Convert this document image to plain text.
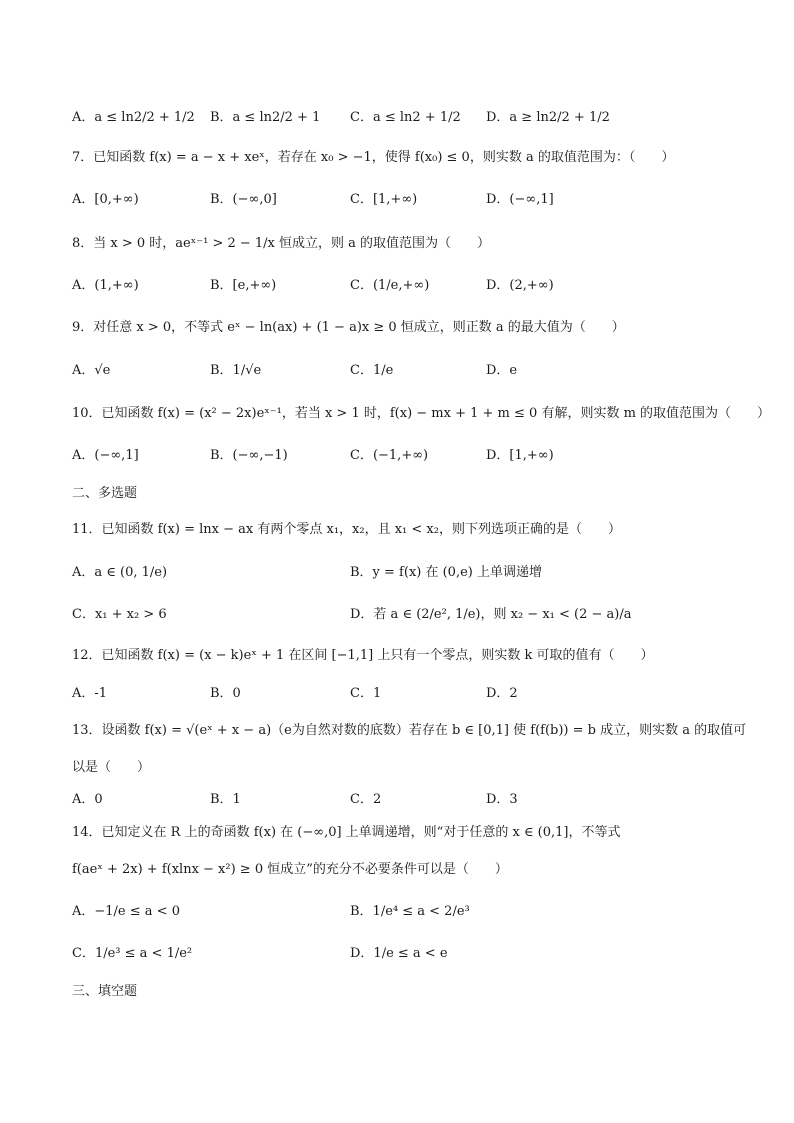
A．a ≤ ln2/2 + 1/2 B．a ≤ ln2/2 + 1 C．a ≤ ln2 + 1/2 D．a ≥ ln2/2 + 1/2
7．已知函数 f(x) = a − x + xeˣ，若存在 x₀ > −1，使得 f(x₀) ≤ 0，则实数 a 的取值范围为：（　　）
A．[0,+∞)	B．(−∞,0]	C．[1,+∞)	D．(−∞,1]
8．当 x > 0 时，aeˣ⁻¹ > 2 − 1/x 恒成立，则 a 的取值范围为（　　）
A．(1,+∞)	B．[e,+∞)	C．(1/e,+∞)	D．(2,+∞)
9．对任意 x > 0，不等式 eˣ − ln(ax) + (1 − a)x ≥ 0 恒成立，则正数 a 的最大值为（　　）
A．√e	B．1/√e	C．1/e	D．e
10．已知函数 f(x) = (x² − 2x)eˣ⁻¹，若当 x > 1 时，f(x) − mx + 1 + m ≤ 0 有解，则实数 m 的取值范围为（　　）
A．(−∞,1]	B．(−∞,−1)	C．(−1,+∞)	D．[1,+∞)
二、多选题
11．已知函数 f(x) = lnx − ax 有两个零点 x₁，x₂，且 x₁ < x₂，则下列选项正确的是（　　）
A．a ∈ (0, 1/e)	B．y = f(x) 在 (0,e) 上单调递增
C．x₁ + x₂ > 6	D．若 a ∈ (2/e², 1/e)，则 x₂ − x₁ < (2 − a)/a
12．已知函数 f(x) = (x − k)eˣ + 1 在区间 [−1,1] 上只有一个零点，则实数 k 可取的值有（　　）
A．-1	B．0	C．1	D．2
13．设函数 f(x) = √(eˣ + x − a)（e为自然对数的底数）若存在 b ∈ [0,1] 使 f(f(b)) = b 成立，则实数 a 的取值可
以是（　　）
A．0	B．1	C．2	D．3
14．已知定义在 R 上的奇函数 f(x) 在 (−∞,0] 上单调递增，则“对于任意的 x ∈ (0,1]，不等式
f(aeˣ + 2x) + f(xlnx − x²) ≥ 0 恒成立”的充分不必要条件可以是（　　）
A．−1/e ≤ a < 0	B．1/e⁴ ≤ a < 2/e³
C．1/e³ ≤ a < 1/e²	D．1/e ≤ a < e
三、填空题
